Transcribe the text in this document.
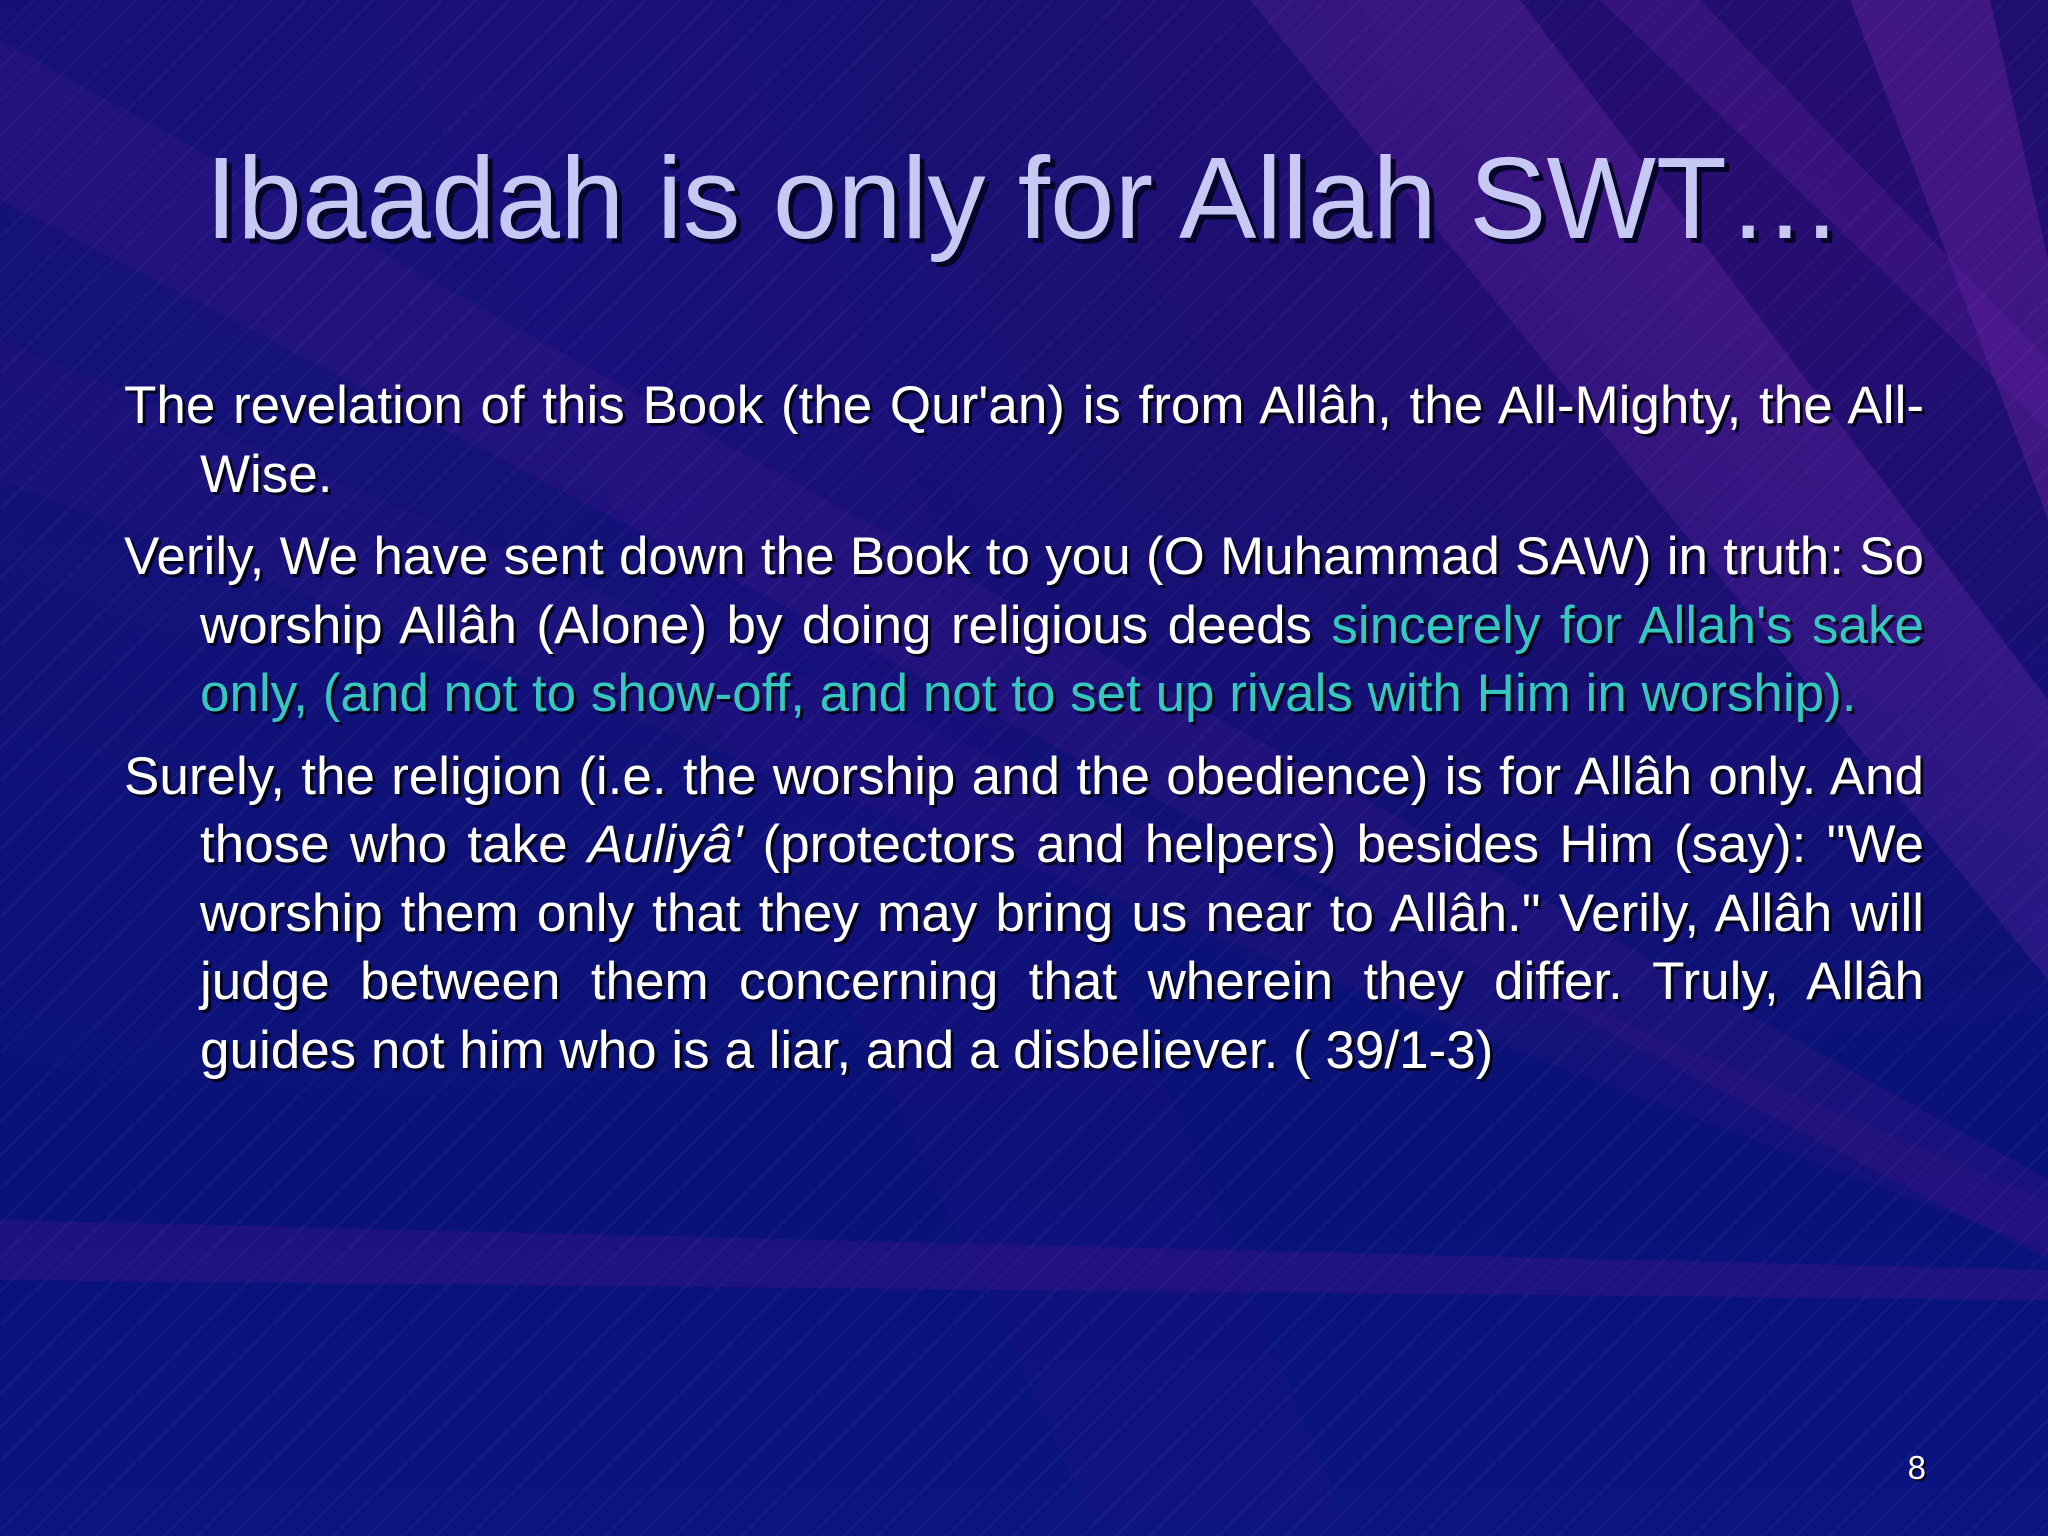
Ibaadah is only for Allah SWT…

The revelation of this Book (the Qur'an) is from Allâh, the All-Mighty, the All-Wise.

Verily, We have sent down the Book to you (O Muhammad SAW) in truth: So worship Allâh (Alone) by doing religious deeds sincerely for Allah's sake only, (and not to show-off, and not to set up rivals with Him in worship).

Surely, the religion (i.e. the worship and the obedience) is for Allâh only. And those who take Auliyâ' (protectors and helpers) besides Him (say): "We worship them only that they may bring us near to Allâh." Verily, Allâh will judge between them concerning that wherein they differ. Truly, Allâh guides not him who is a liar, and a disbeliever. ( 39/1-3)

8
